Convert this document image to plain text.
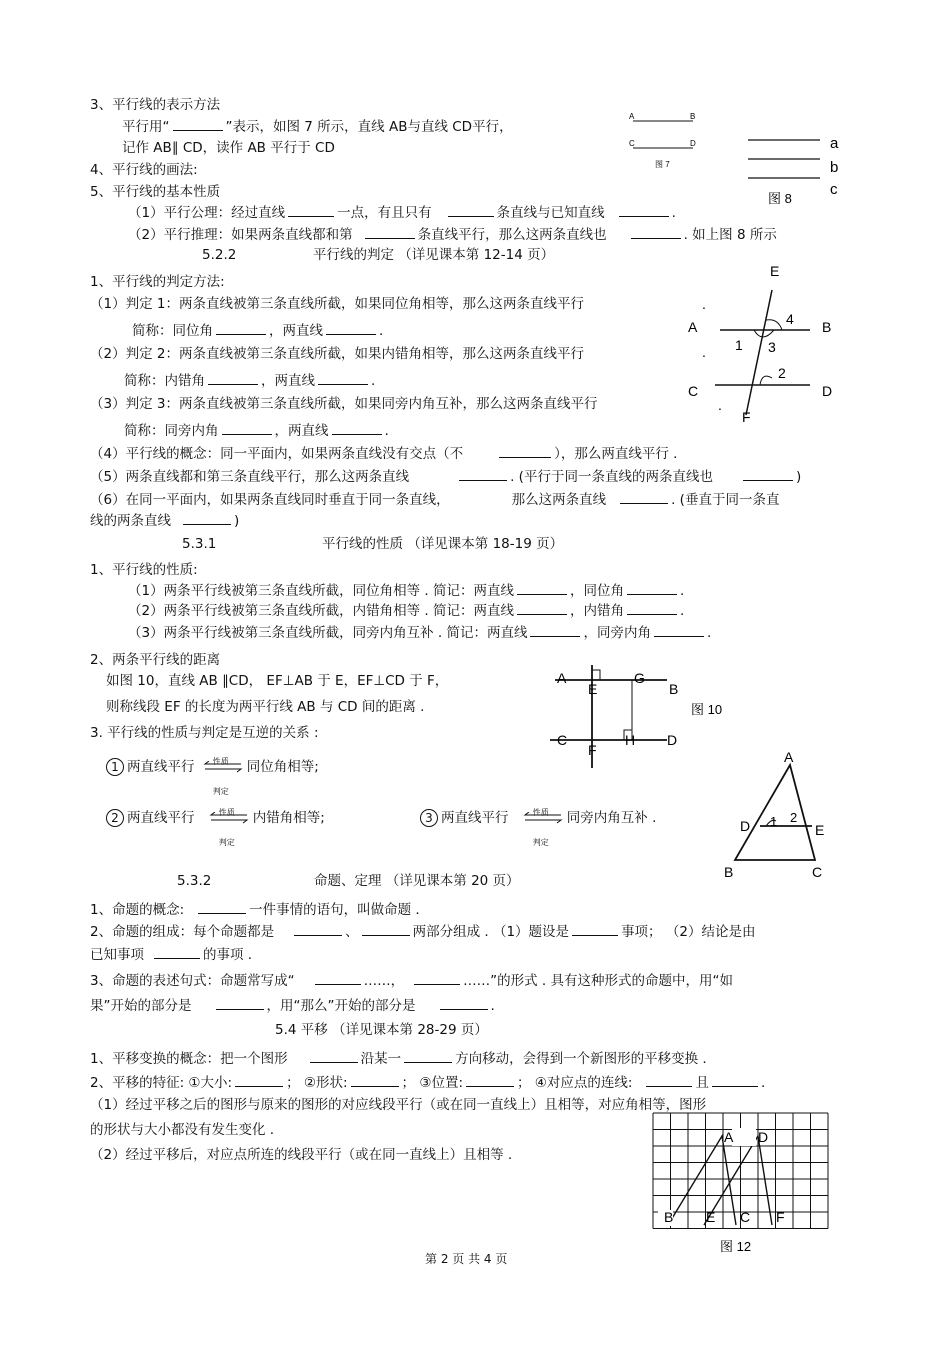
3、平行线的表示方法
平行用“	”表示，如图 7 所示，直线 AB与直线 CD平行，
记作 AB∥ CD，读作 AB 平行于 CD
A	B
C	D
图 7
a
b
c
图 8
4、平行线的画法:
5、平行线的基本性质
（1）平行公理：经过直线	一点，有且只有	条直线与已知直线	.
（2）平行推理：如果两条直线都和第	条直线平行，那么这两条直线也	. 如上图 8 所示
5.2.2	平行线的判定 （详见课本第 12-14 页）
1、平行线的判定方法:
（1）判定 1：两条直线被第三条直线所截，如果同位角相等，那么这两条直线平行
简称：同位角	，两直线	.
（2）判定 2：两条直线被第三条直线所截，如果内错角相等，那么这两条直线平行
简称：内错角	，两直线	.
（3）判定 3：两条直线被第三条直线所截，如果同旁内角互补，那么这两条直线平行
简称：同旁内角	，两直线	.
（4）平行线的概念：同一平面内，如果两条直线没有交点（不	），那么两直线平行 .
（5）两条直线都和第三条直线平行，那么这两条直线	. (平行于同一条直线的两条直线也	)
（6）在同一平面内，如果两条直线同时垂直于同一条直线，	那么这两条直线	. (垂直于同一条直
线的两条直线	)
E
A	B
C	D
F
1
2
3
4
.
.
.
5.3.1	平行线的性质 （详见课本第 18-19 页）
1、平行线的性质:
（1）两条平行线被第三条直线所截，同位角相等 . 简记：两直线	，同位角	.
（2）两条平行线被第三条直线所截，内错角相等 . 简记：两直线	，内错角	.
（3）两条平行线被第三条直线所截，同旁内角互补 . 简记：两直线	，同旁内角	.
2、两条平行线的距离
如图 10，直线 AB ∥CD， EF⊥AB 于 E，EF⊥CD 于 F，
则称线段 EF 的长度为两平行线 AB 与 CD 间的距离 .
3. 平行线的性质与判定是互逆的关系 :
A
E
G
B
C
F
H D
图 10
1 两直线平行 性质
判定
同位角相等;
2 两直线平行	性质
判定
内错角相等;	3 两直线平行	性质
判定
同旁内角互补 .
A
D	E
B	C
1 2
5.3.2	命题、定理 （详见课本第 20 页）
1、命题的概念:	一件事情的语句，叫做命题 .
2、命题的组成：每个命题都是	、	两部分组成 . （1）题设是	事项； （2）结论是由
已知事项	的事项 .
3、命题的表述句式：命题常写成“	……，	……”的形式 . 具有这种形式的命题中，用“如
果”开始的部分是	，用“那么”开始的部分是	.
5.4 平移 （详见课本第 28-29 页）
1、平移变换的概念：把一个图形	沿某一	方向移动，会得到一个新图形的平移变换 .
2、平移的特征: ①大小:	； ②形状:	； ③位置:	； ④对应点的连线:	且	.
（1）经过平移之后的图形与原来的图形的对应线段平行（或在同一直线上）且相等，对应角相等，图形
的形状与大小都没有发生变化 .
（2）经过平移后，对应点所连的线段平行（或在同一直线上）且相等 .
A D
B E C F
图 12
第 2 页 共 4 页
